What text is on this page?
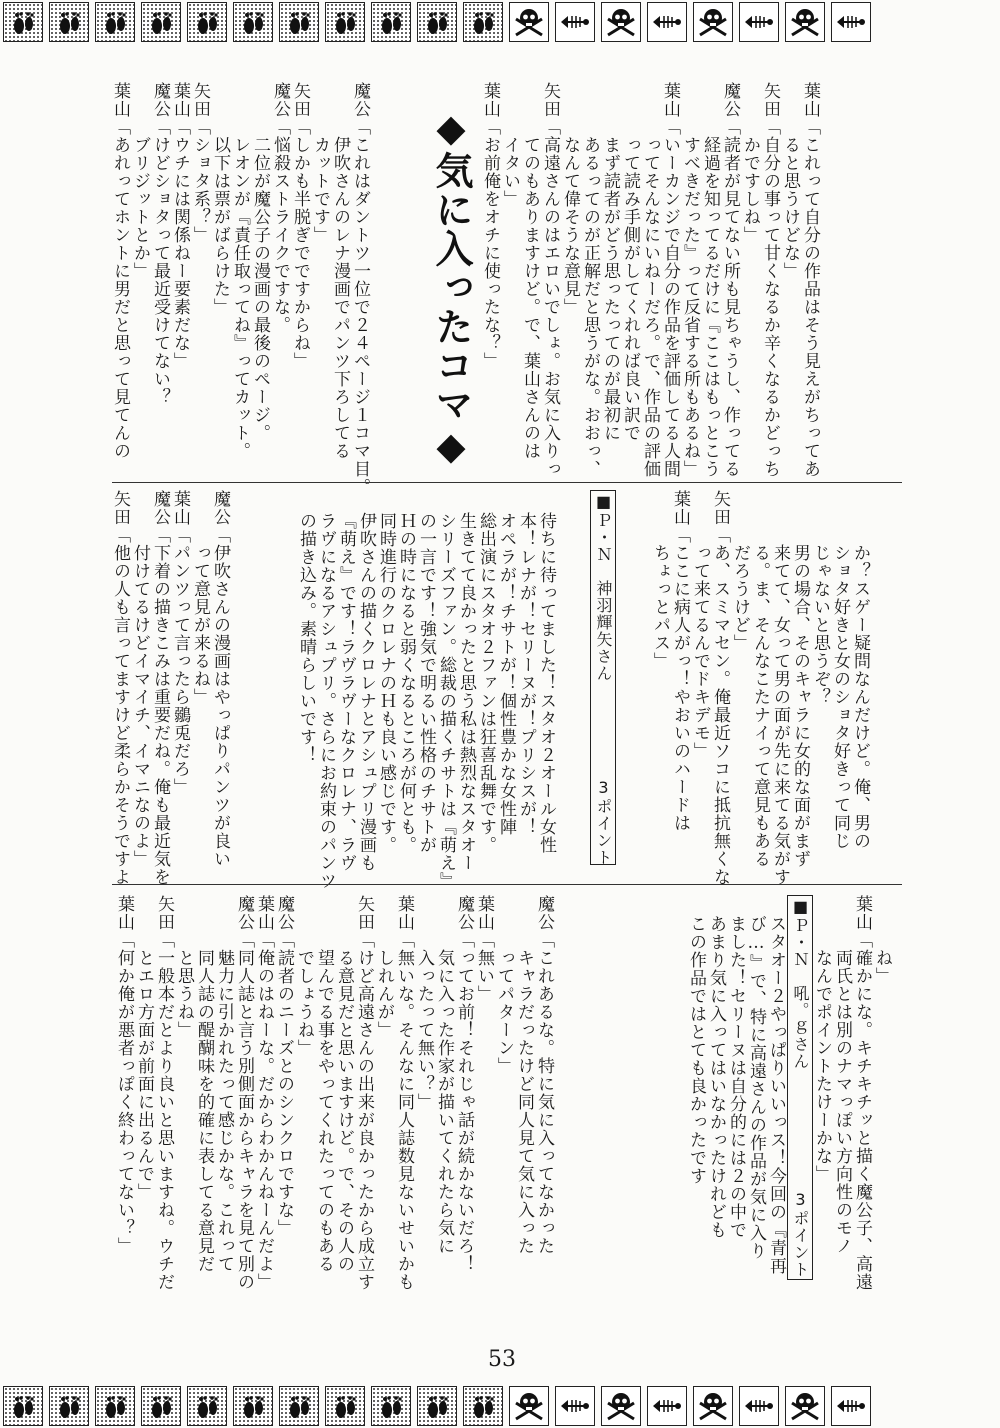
葉山「これって自分の作品はそう見えがちってあ
　　　ると思うけどな」
矢田「自分の事って甘くなるか辛くなるかどっち
　　　かですしね」
魔公「読者が見てない所も見ちゃうし、作ってる
　　　経過を知ってるだけに『ここはもっとこう
　　　すべきだった』って反省する所もあるね」
葉山「いーカンジで自分の作品を評価してる人間
　　　ってそんなにいねーだろ。で、作品の評価
　　　って読み手側がしてくれれば良い訳で
　　　まず読者がどう思ったってのが最初に
　　　あるってのが正解だと思うがな。おおっ、
　　　なんて偉そうな意見」
矢田「高遠さんのはエロいでしょ。お気に入りっ
　　　てのもありますけど。で、葉山さんのは
　　　イタい」
葉山「お前俺をオチに使ったな？」
◆気に入ったコマ◆
魔公「これはダントツ一位で２４ページ１コマ目。
　　　伊吹さんのレナ漫画でパンツ下ろしてる
　　　カットです」
矢田「しかも半脱ぎでですからね」
魔公「悩殺ストライクですな。
　　　二位が魔公子の漫画の最後のページ。
　　　レオンが『責任取ってね』ってカット。
　　　以下は票がばらけた」
矢田「ショタ系？」
葉山「ウチには関係ねー要素だな」
魔公「けどショタって最近受けてない？
　　　ブリジットとか」
葉山「あれってホントに男だと思って見てんの
　　　か？スゲー疑問なんだけど。俺、男の
　　　ショタ好きと女のショタ好きって同じ
　　　じゃないと思うぞ？
　　　男の場合、そのキャラに女的な面がまず
　　　来てて、女って男の面が先に来てる気がす
　　　る。ま、そんなこたナイって意見もある
　　　だろうけど」
矢田「あ、スミマセン。俺最近ソコに抵抗無くな
　　　って来てるんでドキデモ」
葉山「ここに病人がっ！やおいのハードは
　　　ちょっとパス」
■Ｐ・Ｎ　神羽輝矢さん
3ポイント
待ちに待ってました！スタオ２オール女性
本！レナが！セリーヌが！プリシスが！
オペラが！チサトが！個性豊かな女性陣
総出演にスタオ２ファンは狂喜乱舞です。
生きてて良かったと思う私は熱烈なスタオー
シリーズファン。総裁の描くチサトは『萌え』
の一言です！強気で明るい性格のチサトが
Ｈの時になると弱くなるところが何とも。
同時進行のクロレナのＨも良い感じです。
伊吹さんの描くクロレナとアシュプリ漫画も
『萌え』です！ラヴラヴーなクロレナ、ラヴ
ラヴになるアシュプリ。さらにお約束のパンツ
の描き込み。素晴らしいです！
魔公「伊吹さんの漫画はやっぱりパンツが良い
　　　って意見が来るね」
葉山「パンツって言ったら鶸兎だろ」
魔公「下着の描きこみは重要だね。俺も最近気を
　　　付けてるけどイマイチ、イマニなのよ」
矢田「他の人も言ってますけど柔らかそうですよ
　　　ね」
葉山「確かにな。キチキチッと描く魔公子、高遠
　　　両氏とは別のナマっぽい方向性のモノ
　　　なんでポイントたけーかな」
■Ｐ・Ｎ　吼。ｇさん
3ポイント
スタオー２やっぱりいいっス！今回の『青再
び…』で、特に高遠さんの作品が気に入り
ました！セリーヌは自分的には２の中で
あまり気に入ってはいなかったけれども
この作品ではとても良かったです
魔公「これあるな。特に気に入ってなかった
　　　キャラだったけど同人見て気に入った
　　　ってパターン」
葉山「無い」
魔公「ってお前！それじゃ話が続かないだろ！
　　　気に入った作家が描いてくれたら気に
　　　入ったって無い？」
葉山「無いな。そんなに同人誌数見ないせいかも
　　　しれんが」
矢田「けど高遠さんの出来が良かったから成立す
　　　る意見だと思いますけど。で、その人の
　　　望んでる事をやってくれたってのもある
　　　でしょうね」
魔公「読者のニーズとのシンクロですな」
葉山「俺のはねーな。だからわかんねーんだよ」
魔公「同人誌と言う別側面からキャラを見て別の
　　　魅力に引かれたって感じかな。これって
　　　同人誌の醍醐味を的確に表してる意見だ
　　　と思うね」
矢田「一般本だとより良いと思いますね。ウチだ
　　　とエロ方面が前面に出るんで」
葉山「何か俺が悪者っぽく終わってない？」
53
